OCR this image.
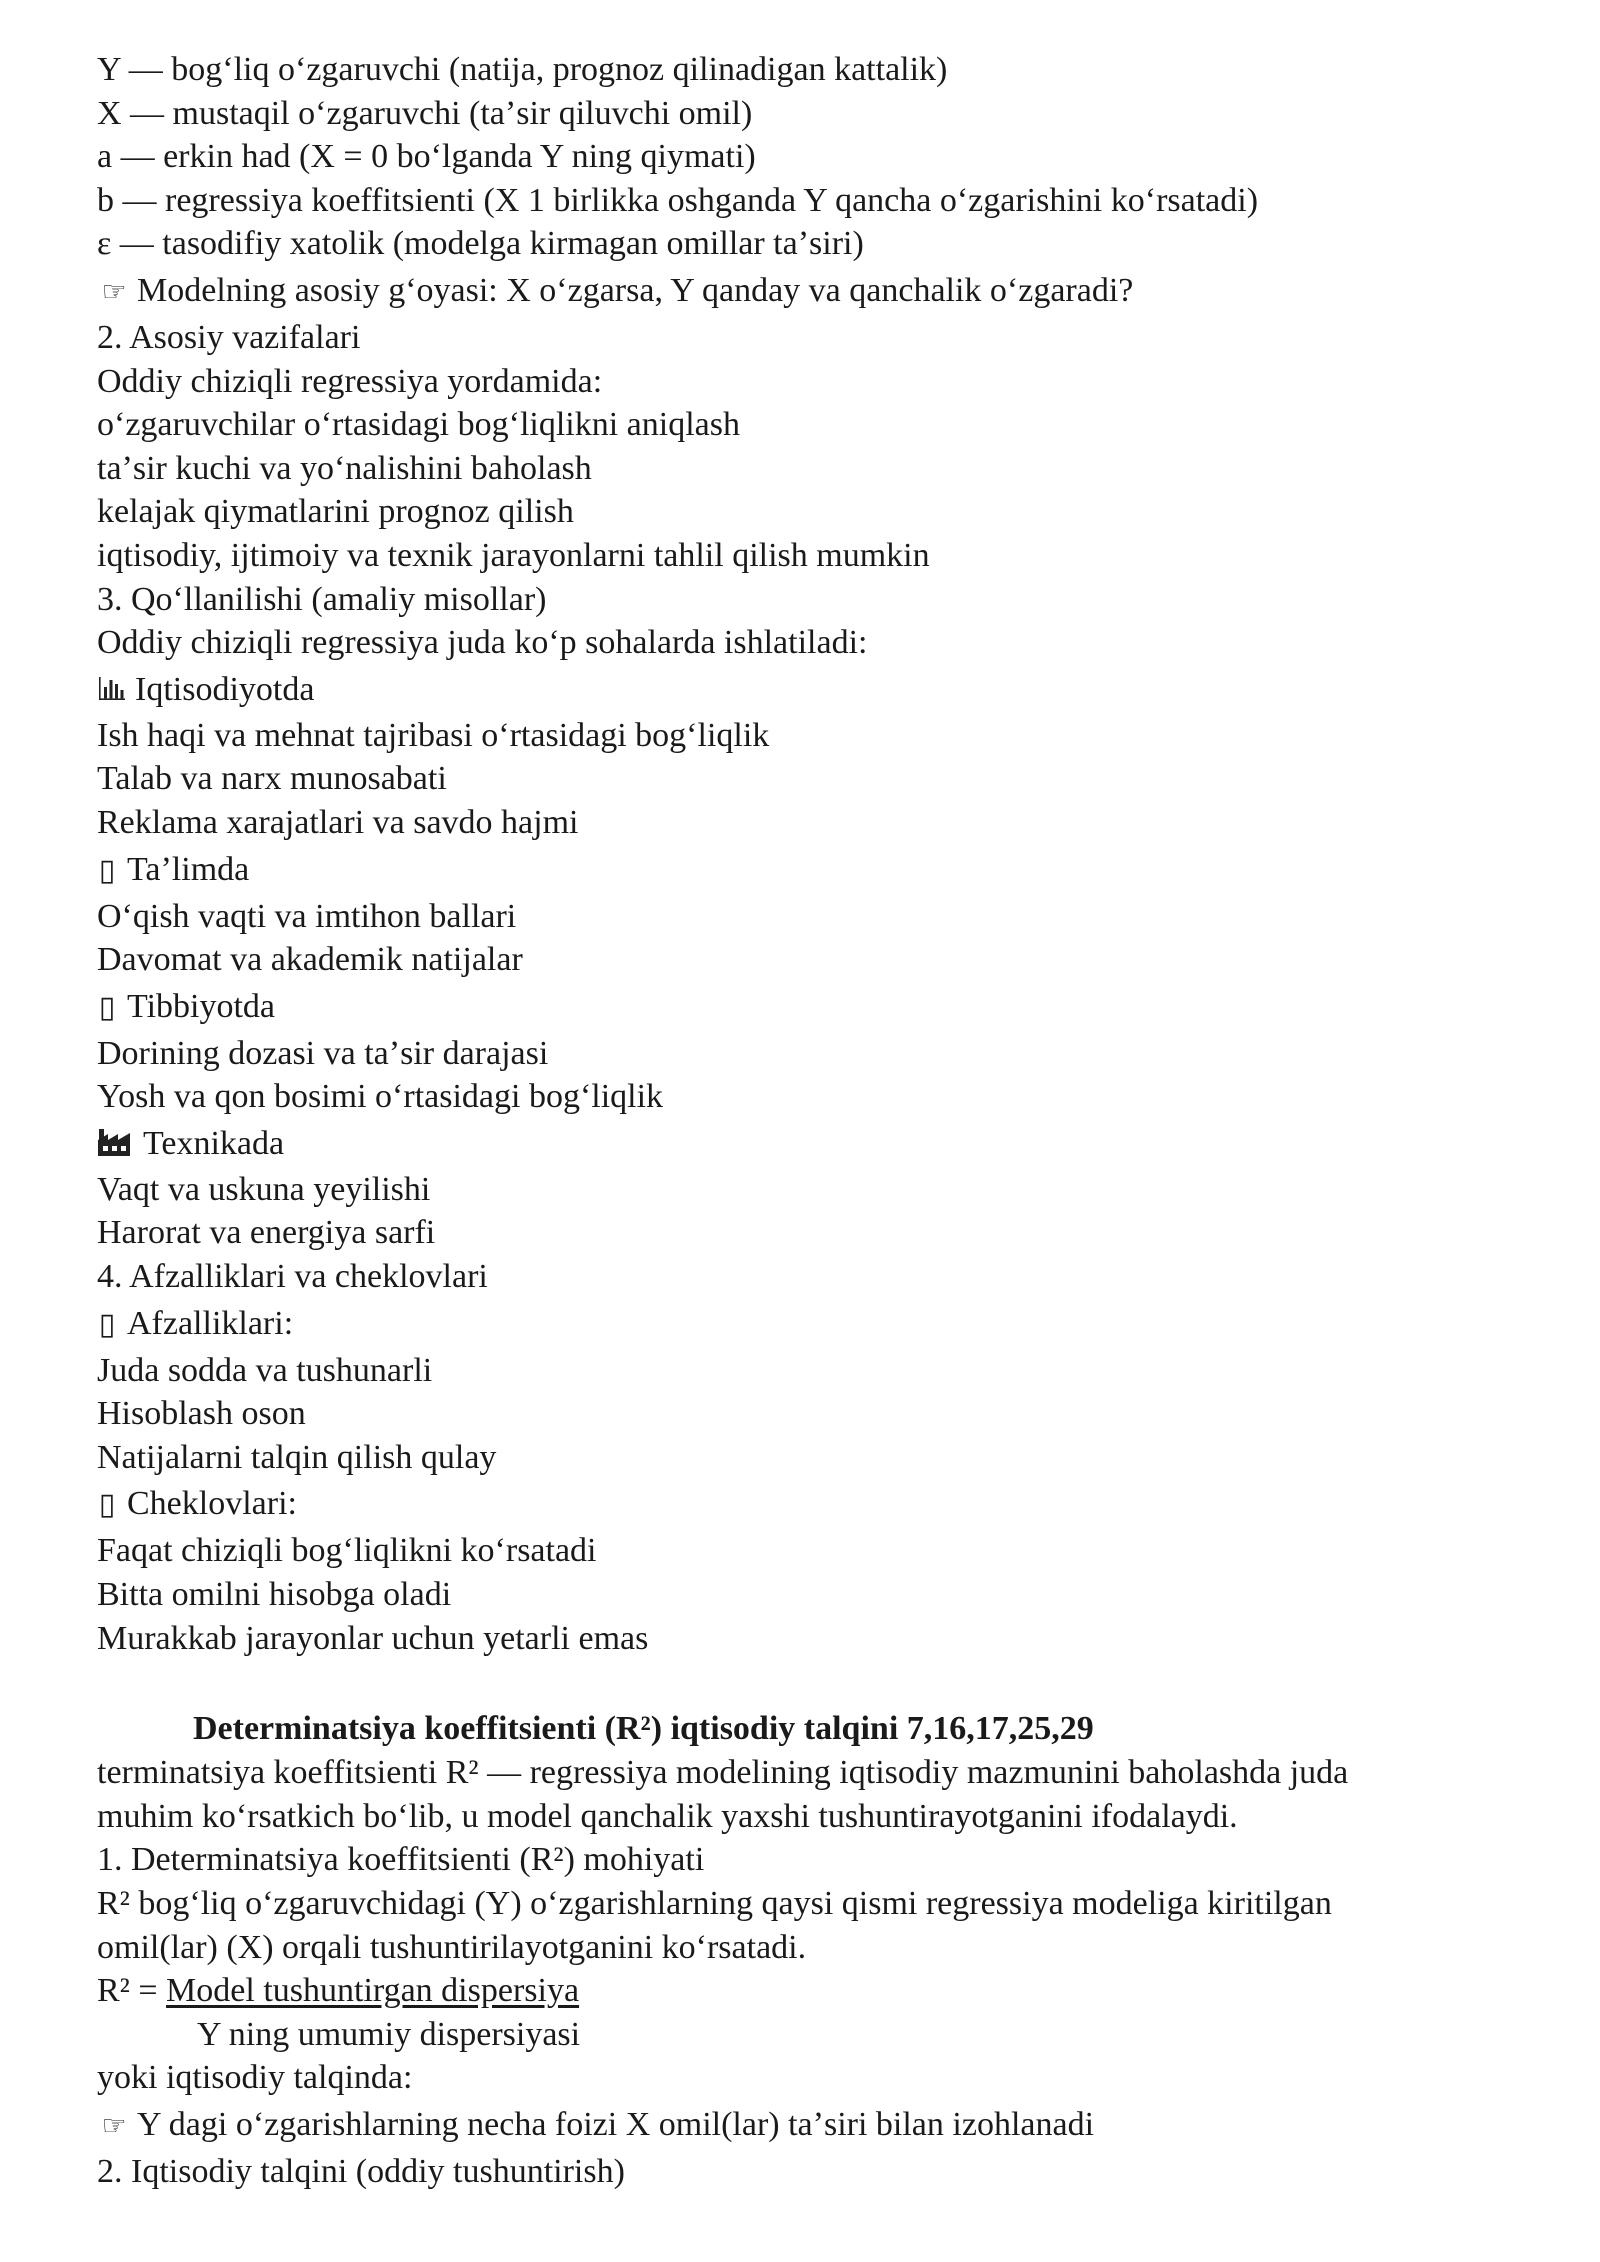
Y — bogʻliq oʻzgaruvchi (natija, prognoz qilinadigan kattalik)
X — mustaqil oʻzgaruvchi (taʼsir qiluvchi omil)
a — erkin had (X = 0 boʻlganda Y ning qiymati)
b — regressiya koeffitsienti (X 1 birlikka oshganda Y qancha oʻzgarishini koʻrsatadi)
ε — tasodifiy xatolik (modelga kirmagan omillar taʼsiri)
☞ Modelning asosiy gʻoyasi: X oʻzgarsa, Y qanday va qanchalik oʻzgaradi?
2. Asosiy vazifalari
Oddiy chiziqli regressiya yordamida:
oʻzgaruvchilar oʻrtasidagi bogʻliqlikni aniqlash
taʼsir kuchi va yoʻnalishini baholash
kelajak qiymatlarini prognoz qilish
iqtisodiy, ijtimoiy va texnik jarayonlarni tahlil qilish mumkin
3. Qoʻllanilishi (amaliy misollar)
Oddiy chiziqli regressiya juda koʻp sohalarda ishlatiladi:
Iqtisodiyotda
Ish haqi va mehnat tajribasi oʻrtasidagi bogʻliqlik
Talab va narx munosabati
Reklama xarajatlari va savdo hajmi
▯ Taʼlimda
Oʻqish vaqti va imtihon ballari
Davomat va akademik natijalar
▯ Tibbiyotda
Dorining dozasi va taʼsir darajasi
Yosh va qon bosimi oʻrtasidagi bogʻliqlik
Texnikada
Vaqt va uskuna yeyilishi
Harorat va energiya sarfi
4. Afzalliklari va cheklovlari
▯ Afzalliklari:
Juda sodda va tushunarli
Hisoblash oson
Natijalarni talqin qilish qulay
▯ Cheklovlari:
Faqat chiziqli bogʻliqlikni koʻrsatadi
Bitta omilni hisobga oladi
Murakkab jarayonlar uchun yetarli emas
Determinatsiya koeffitsienti (R²) iqtisodiy talqini 7,16,17,25,29
terminatsiya koeffitsienti R² — regressiya modelining iqtisodiy mazmunini baholashda juda
muhim koʻrsatkich boʻlib, u model qanchalik yaxshi tushuntirayotganini ifodalaydi.
1. Determinatsiya koeffitsienti (R²) mohiyati
R² bogʻliq oʻzgaruvchidagi (Y) oʻzgarishlarning qaysi qismi regressiya modeliga kiritilgan
omil(lar) (X) orqali tushuntirilayotganini koʻrsatadi.
R² = Model tushuntirgan dispersiya
Y ning umumiy dispersiyasi
yoki iqtisodiy talqinda:
☞ Y dagi oʻzgarishlarning necha foizi X omil(lar) taʼsiri bilan izohlanadi
2. Iqtisodiy talqini (oddiy tushuntirish)
